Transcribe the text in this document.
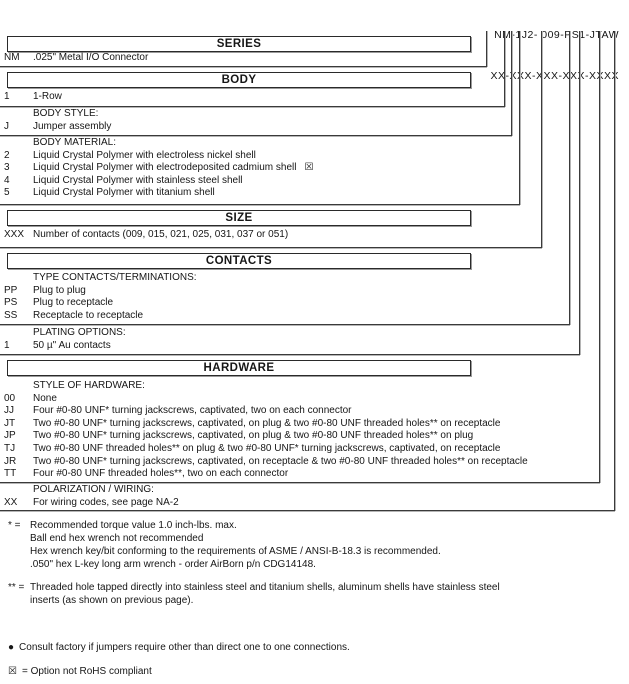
NM-1J2- 009-PS1-JTAW

XX-XXX-XXX-XXX-XXXX

SERIES
NM	.025" Metal I/O Connector
BODY
1	1-Row
BODY STYLE:
J	Jumper assembly
BODY MATERIAL:
2	Liquid Crystal Polymer with electroless nickel shell
3	Liquid Crystal Polymer with electrodeposited cadmium shell ☒
4	Liquid Crystal Polymer with stainless steel shell
5	Liquid Crystal Polymer with titanium shell
SIZE
XXX Number of contacts (009, 015, 021, 025, 031, 037 or 051)
CONTACTS
TYPE CONTACTS/TERMINATIONS:
PP	Plug to plug
PS	Plug to receptacle
SS	Receptacle to receptacle
PLATING OPTIONS:
1	50 µ" Au contacts
HARDWARE
STYLE OF HARDWARE:
00	None
JJ	Four #0-80 UNF* turning jackscrews, captivated, two on each connector
JT	Two #0-80 UNF* turning jackscrews, captivated, on plug & two #0-80 UNF threaded holes** on receptacle
JP	Two #0-80 UNF* turning jackscrews, captivated, on plug & two #0-80 UNF threaded holes** on plug
TJ	Two #0-80 UNF threaded holes** on plug & two #0-80 UNF* turning jackscrews, captivated, on receptacle
JR	Two #0-80 UNF* turning jackscrews, captivated, on receptacle & two #0-80 UNF threaded holes** on receptacle
TT	Four #0-80 UNF threaded holes**, two on each connector
POLARIZATION / WIRING:
XX	For wiring codes, see page NA-2
* = Recommended torque value 1.0 inch-lbs. max.
Ball end hex wrench not recommended
Hex wrench key/bit conforming to the requirements of ASME / ANSI-B-18.3 is recommended.
.050" hex L-key long arm wrench - order AirBorn p/n CDG14148.
** = Threaded hole tapped directly into stainless steel and titanium shells, aluminum shells have stainless steel
inserts (as shown on previous page).
● Consult factory if jumpers require other than direct one to one connections.
☒ = Option not RoHS compliant
